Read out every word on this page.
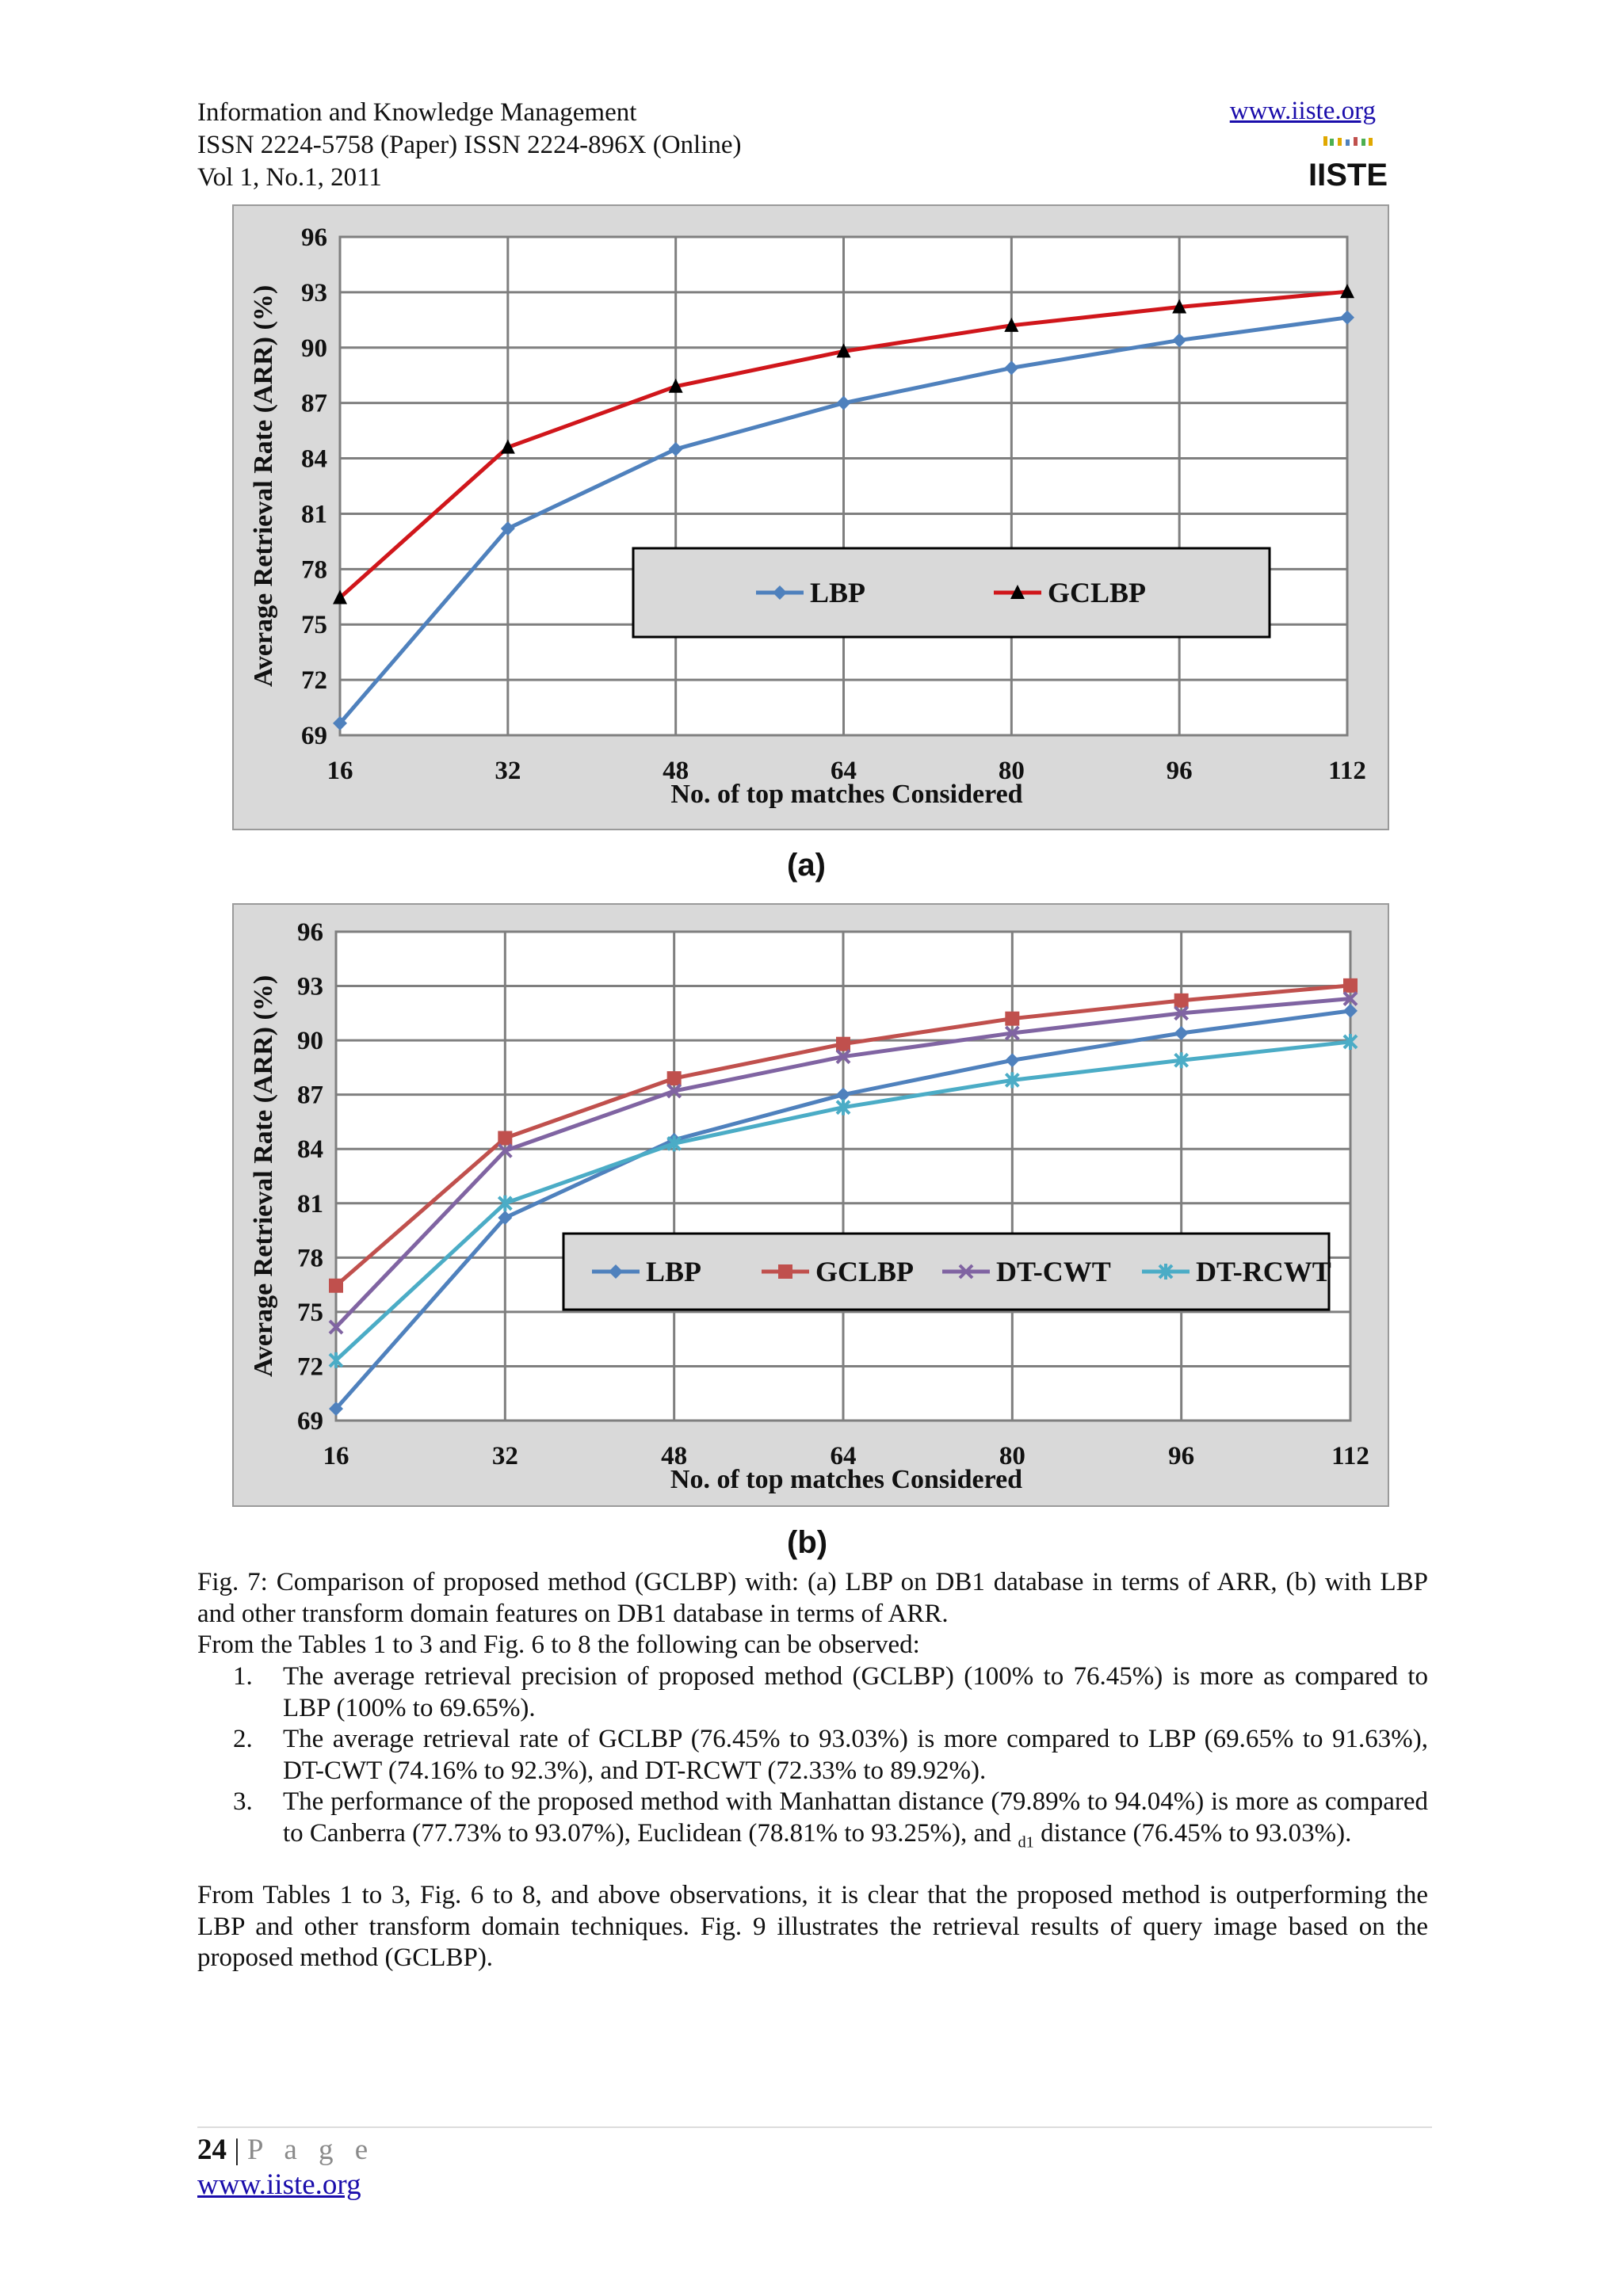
Information and Knowledge Management
ISSN 2224-5758 (Paper) ISSN 2224-896X (Online)
Vol 1, No.1, 2011
www.iiste.org
IISTE
69
72
75
78
81
84
87
90
93
96
16	32	48	64	80	96	112
No. of top matches Considered
Average Retrieval Rate (ARR) (%)	LBP	GCLBP
(a)
69
72
75
78
81
84
87
90
93
96
16	32	48	64	80	96	112
No. of top matches Considered
Average Retrieval Rate (ARR) (%)	LBP	GCLBP	DT-CWT	DT-RCWT
(b)
Fig. 7: Comparison of proposed method (GCLBP) with: (a) LBP on DB1 database in terms of ARR, (b) with LBP and other transform domain features on DB1 database in terms of ARR.
From the Tables 1 to 3 and Fig. 6 to 8 the following can be observed:
1. The average retrieval precision of proposed method (GCLBP) (100% to 76.45%) is more as compared to LBP (100% to 69.65%).
2. The average retrieval rate of GCLBP (76.45% to 93.03%) is more compared to LBP (69.65% to 91.63%), DT-CWT (74.16% to 92.3%), and DT-RCWT (72.33% to 89.92%).
3. The performance of the proposed method with Manhattan distance (79.89% to 94.04%) is more as compared to Canberra (77.73% to 93.07%), Euclidean (78.81% to 93.25%), and $_{d1}$ distance (76.45% to 93.03%).
From Tables 1 to 3, Fig. 6 to 8, and above observations, it is clear that the proposed method is outperforming the LBP and other transform domain techniques. Fig. 9 illustrates the retrieval results of query image based on the proposed method (GCLBP).
24 | P a g e
www.iiste.org
